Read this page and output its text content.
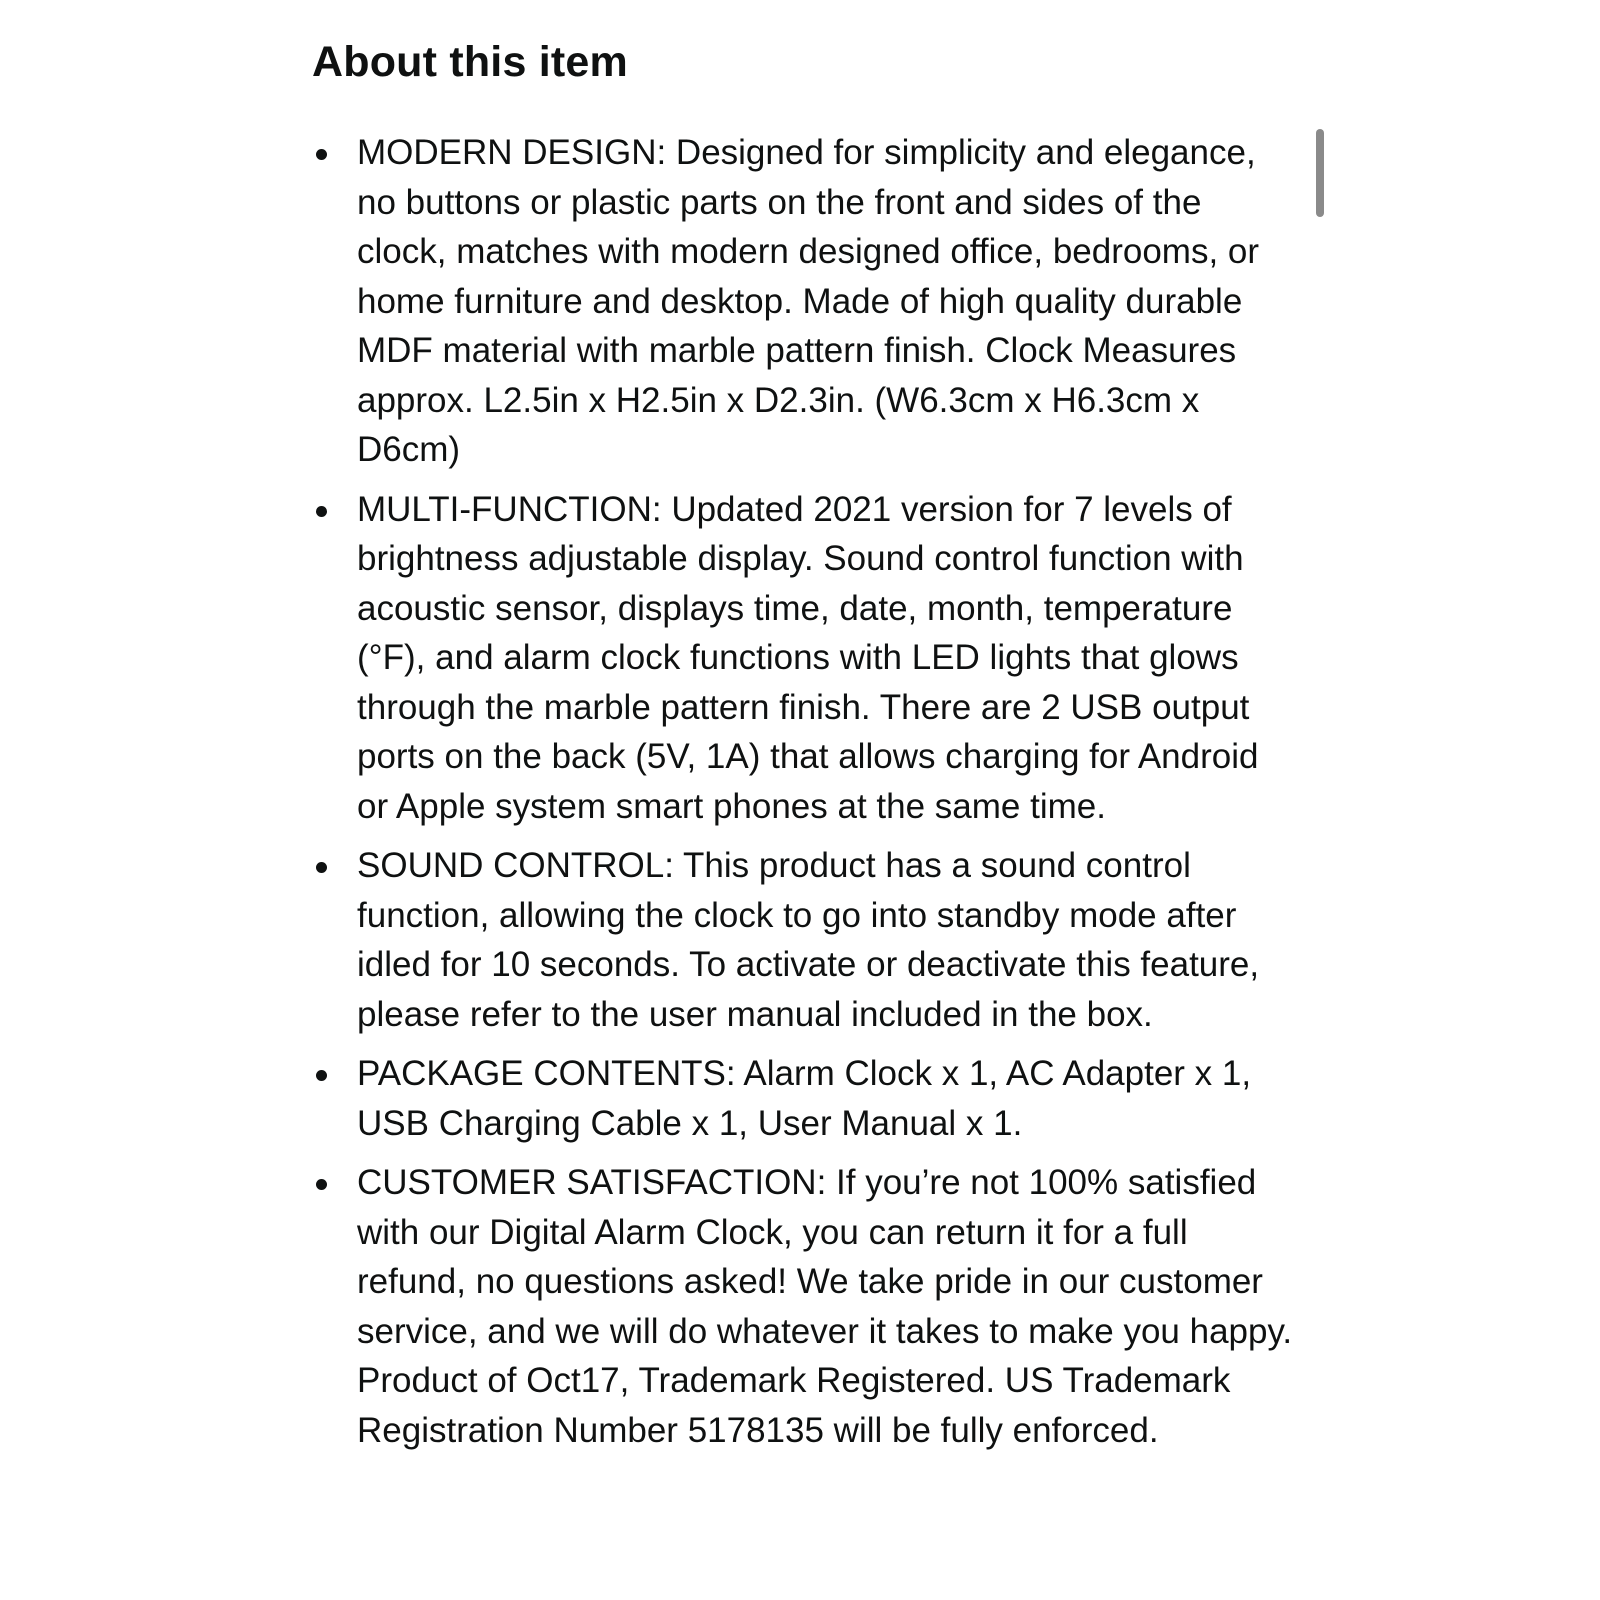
About this item
MODERN DESIGN: Designed for simplicity and elegance, no buttons or plastic parts on the front and sides of the clock, matches with modern designed office, bedrooms, or home furniture and desktop. Made of high quality durable MDF material with marble pattern finish. Clock Measures approx. L2.5in x H2.5in x D2.3in. (W6.3cm x H6.3cm x D6cm)
MULTI-FUNCTION: Updated 2021 version for 7 levels of brightness adjustable display. Sound control function with acoustic sensor, displays time, date, month, temperature (°F), and alarm clock functions with LED lights that glows through the marble pattern finish. There are 2 USB output ports on the back (5V, 1A) that allows charging for Android or Apple system smart phones at the same time.
SOUND CONTROL: This product has a sound control function, allowing the clock to go into standby mode after idled for 10 seconds. To activate or deactivate this feature, please refer to the user manual included in the box.
PACKAGE CONTENTS: Alarm Clock x 1, AC Adapter x 1, USB Charging Cable x 1, User Manual x 1.
CUSTOMER SATISFACTION: If you’re not 100% satisfied with our Digital Alarm Clock, you can return it for a full refund, no questions asked! We take pride in our customer service, and we will do whatever it takes to make you happy. Product of Oct17, Trademark Registered. US Trademark Registration Number 5178135 will be fully enforced.
